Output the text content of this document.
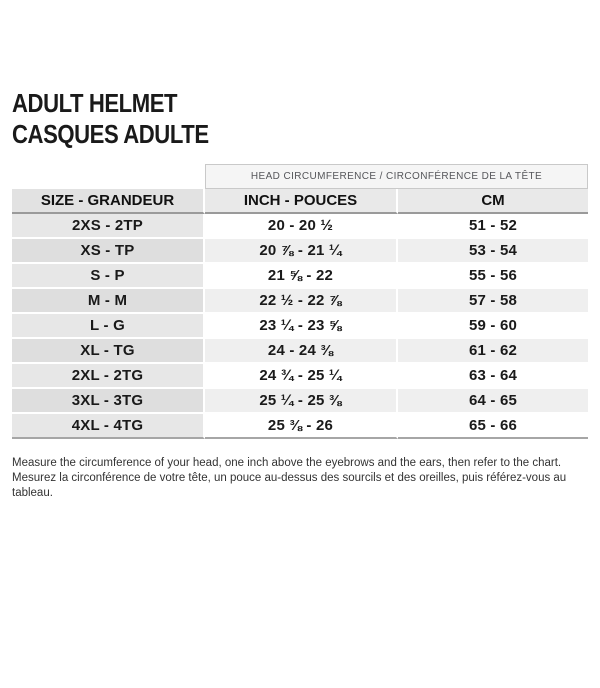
ADULT HELMET
CASQUES ADULTE
HEAD CIRCUMFERENCE / CIRCONFÉRENCE DE LA TÊTE
SIZE - GRANDEUR	INCH - POUCES	CM
2XS - 2TP	20 - 20 ½	51 - 52
XS - TP	20 ⅞ - 21 ¼	53 - 54
S - P	21 ⅝ - 22	55 - 56
M - M	22 ½ - 22 ⅞	57 - 58
L - G	23 ¼ - 23 ⅝	59 - 60
XL - TG	24 - 24 ⅜	61 - 62
2XL - 2TG	24 ¾ - 25 ¼	63 - 64
3XL - 3TG	25 ¼ - 25 ⅜	64 - 65
4XL - 4TG	25 ⅜ - 26	65 - 66
Measure the circumference of your head, one inch above the eyebrows and the ears, then refer to the chart.
Mesurez la circonférence de votre tête, un pouce au-dessus des sourcils et des oreilles, puis référez-vous au tableau.
